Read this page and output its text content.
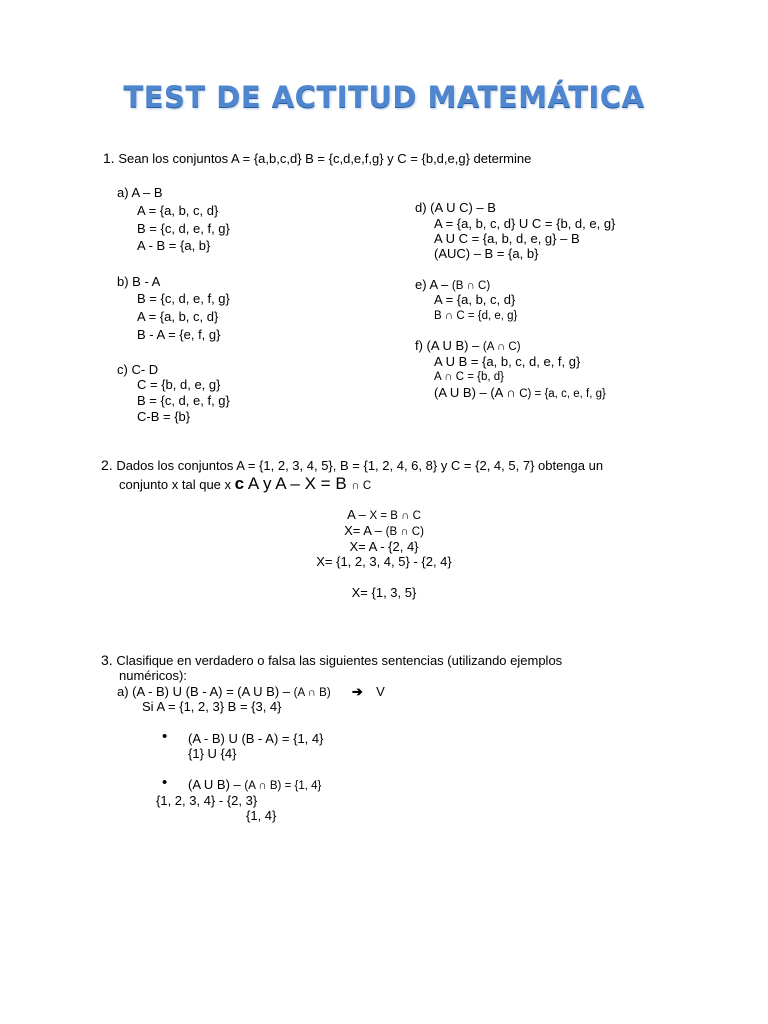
TEST DE ACTITUD MATEMÁTICA
1. Sean los conjuntos A = {a,b,c,d} B = {c,d,e,f,g} y C = {b,d,e,g} determine
a) A – B
A = {a, b, c, d}
B = {c, d, e, f, g}
A - B = {a, b}
b) B - A
B = {c, d, e, f, g}
A = {a, b, c, d}
B - A = {e, f, g}
c) C- D
C = {b, d, e, g}
B = {c, d, e, f, g}
C-B = {b}
d) (A U C) – B
A = {a, b, c, d} U C = {b, d, e, g}
A U C = {a, b, d, e, g} – B
(AUC) – B = {a, b}
e) A – (B ∩ C)
A = {a, b, c, d}
B ∩ C = {d, e, g}
f) (A U B) – (A ∩ C)
A U B = {a, b, c, d, e, f, g}
A ∩ C = {b, d}
(A U B) – (A ∩ C) = {a, c, e, f, g}
2. Dados los conjuntos A = {1, 2, 3, 4, 5}, B = {1, 2, 4, 6, 8} y C = {2, 4, 5, 7} obtenga un
conjunto x tal que x c A y A – X = B ∩ C
A – X = B ∩ C
X= A – (B ∩ C)
X= A - {2, 4}
X= {1, 2, 3, 4, 5} - {2, 4}
X= {1, 3, 5}
3. Clasifique en verdadero o falsa las siguientes sentencias (utilizando ejemplos
numéricos):
a) (A - B) U (B - A) = (A U B) – (A ∩ B) ➔ V
Si A = {1, 2, 3} B = {3, 4}
• (A - B) U (B - A) = {1, 4}
{1} U {4}
• (A U B) – (A ∩ B) = {1, 4}
{1, 2, 3, 4} - {2, 3}
{1, 4}
